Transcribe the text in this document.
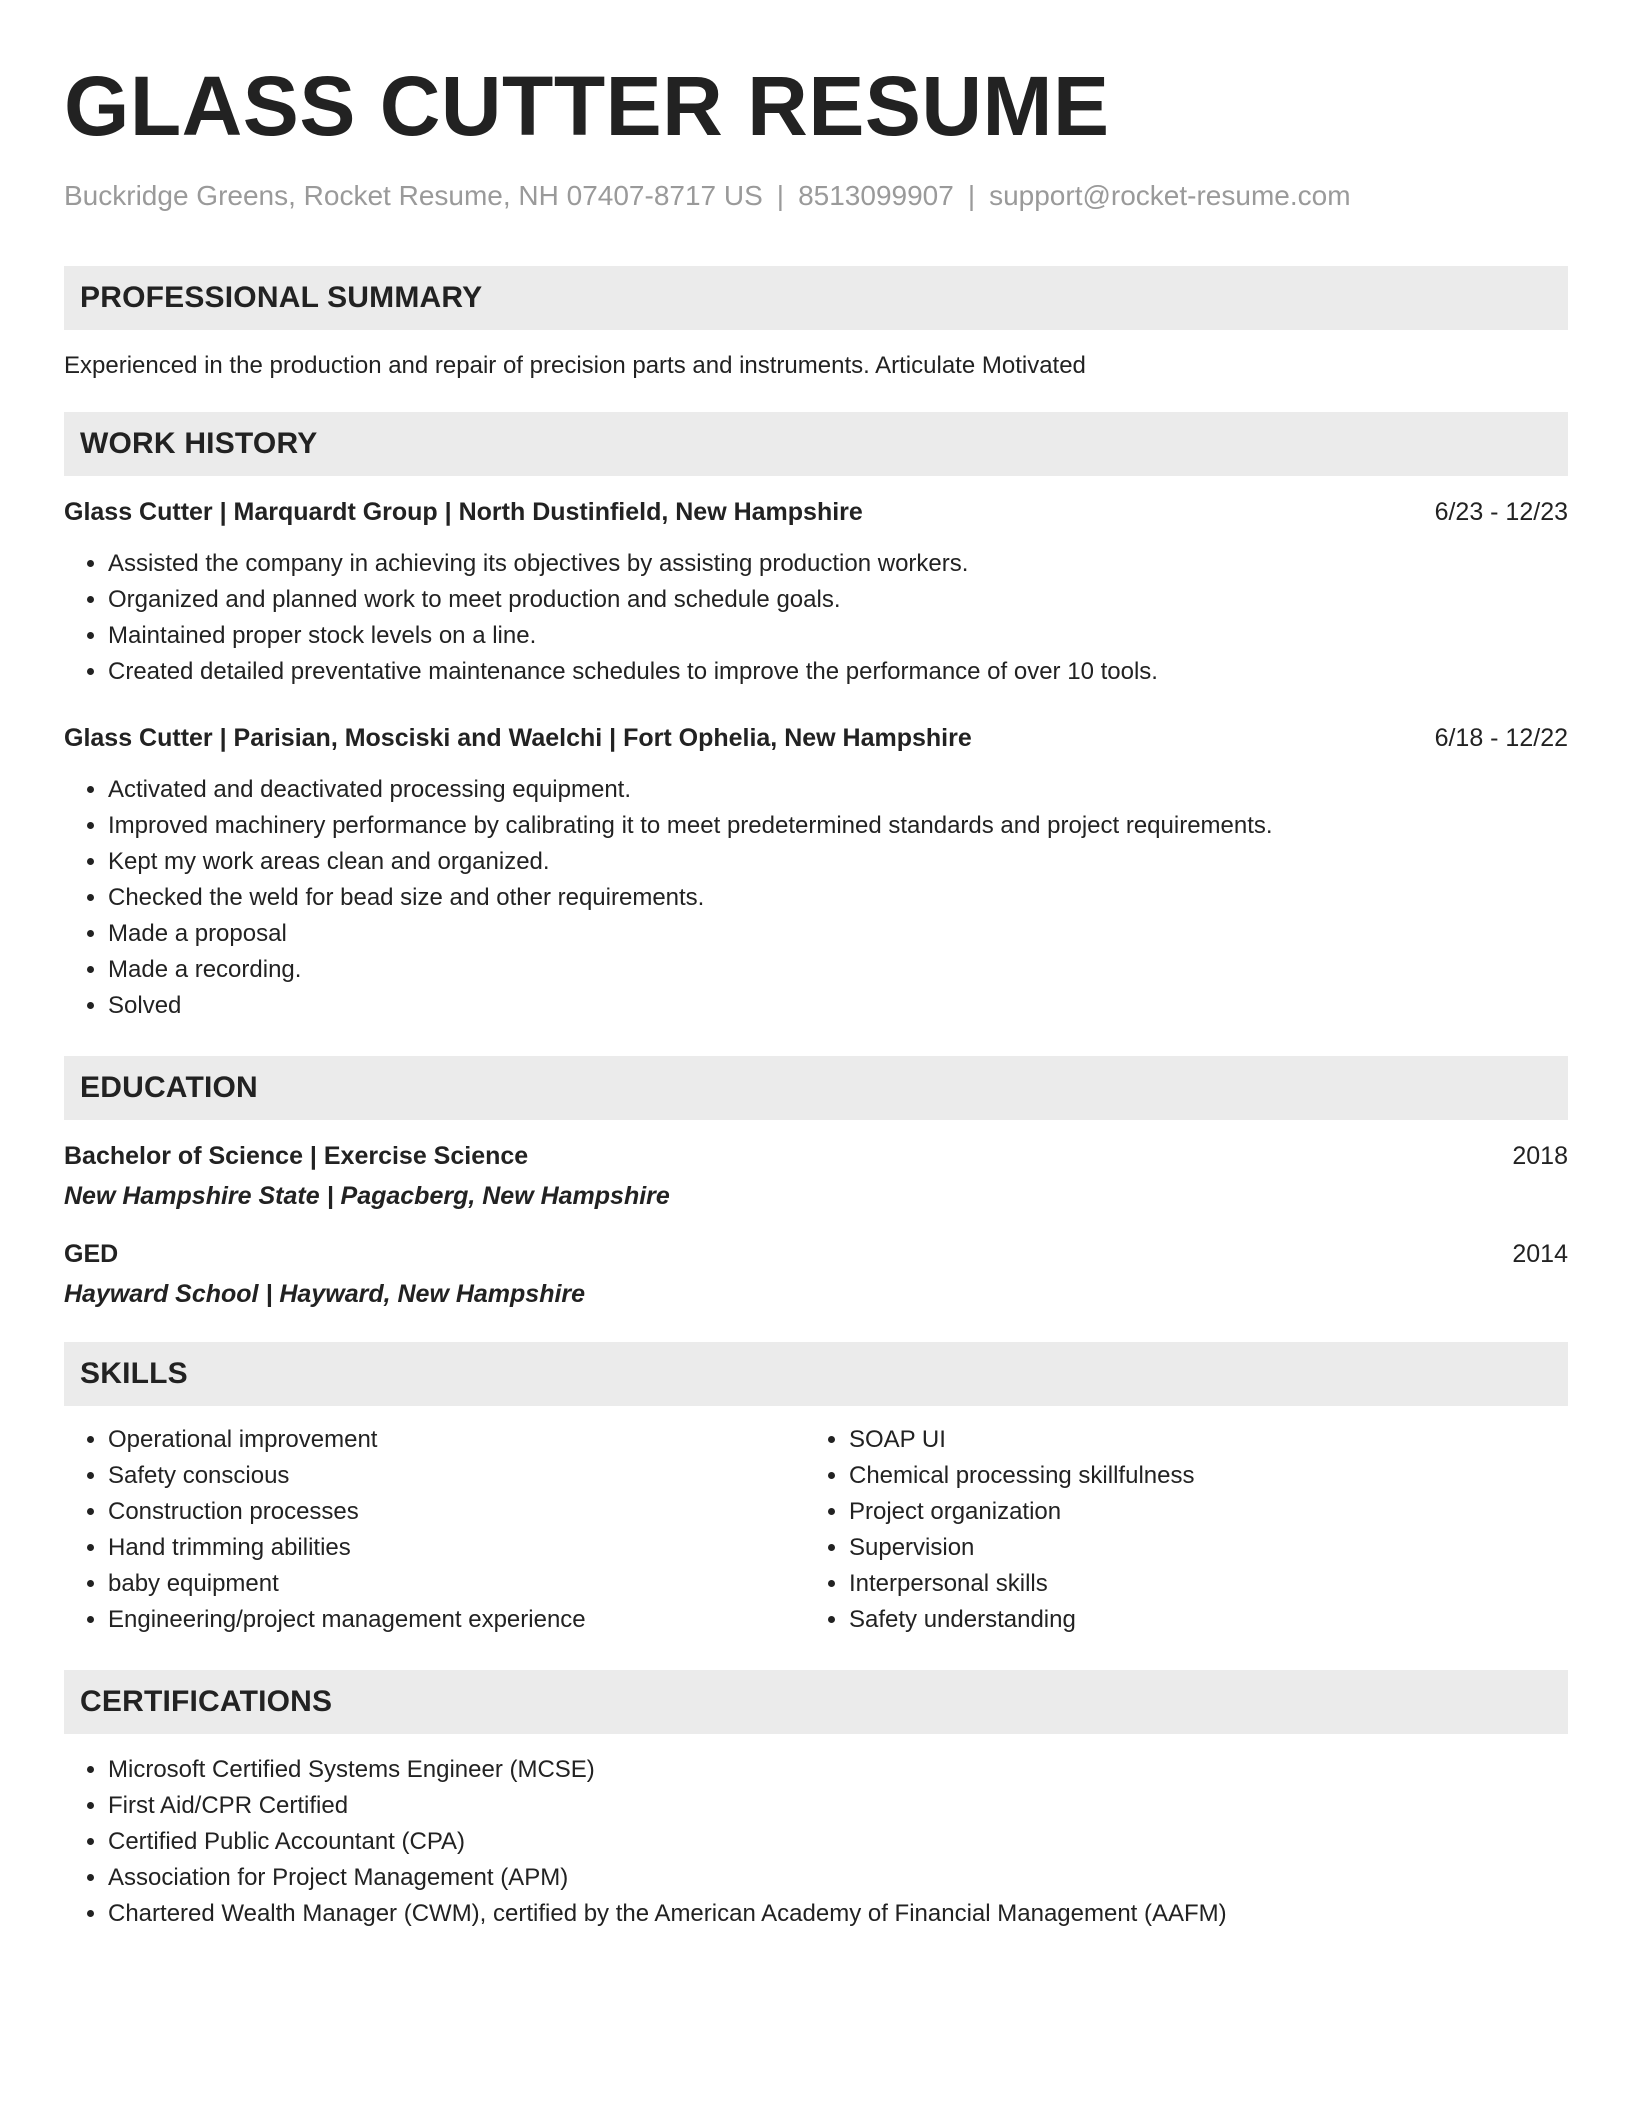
GLASS CUTTER RESUME
Buckridge Greens, Rocket Resume, NH 07407-8717 US | 8513099907 | support@rocket-resume.com
PROFESSIONAL SUMMARY
Experienced in the production and repair of precision parts and instruments. Articulate Motivated
WORK HISTORY
Glass Cutter | Marquardt Group | North Dustinfield, New Hampshire	6/23 - 12/23
• Assisted the company in achieving its objectives by assisting production workers.
• Organized and planned work to meet production and schedule goals.
• Maintained proper stock levels on a line.
• Created detailed preventative maintenance schedules to improve the performance of over 10 tools.
Glass Cutter | Parisian, Mosciski and Waelchi | Fort Ophelia, New Hampshire	6/18 - 12/22
• Activated and deactivated processing equipment.
• Improved machinery performance by calibrating it to meet predetermined standards and project requirements.
• Kept my work areas clean and organized.
• Checked the weld for bead size and other requirements.
• Made a proposal
• Made a recording.
• Solved
EDUCATION
Bachelor of Science | Exercise Science	2018
New Hampshire State | Pagacberg, New Hampshire
GED	2014
Hayward School | Hayward, New Hampshire
SKILLS
• Operational improvement
• Safety conscious
• Construction processes
• Hand trimming abilities
• baby equipment
• Engineering/project management experience
• SOAP UI
• Chemical processing skillfulness
• Project organization
• Supervision
• Interpersonal skills
• Safety understanding
CERTIFICATIONS
• Microsoft Certified Systems Engineer (MCSE)
• First Aid/CPR Certified
• Certified Public Accountant (CPA)
• Association for Project Management (APM)
• Chartered Wealth Manager (CWM), certified by the American Academy of Financial Management (AAFM)
